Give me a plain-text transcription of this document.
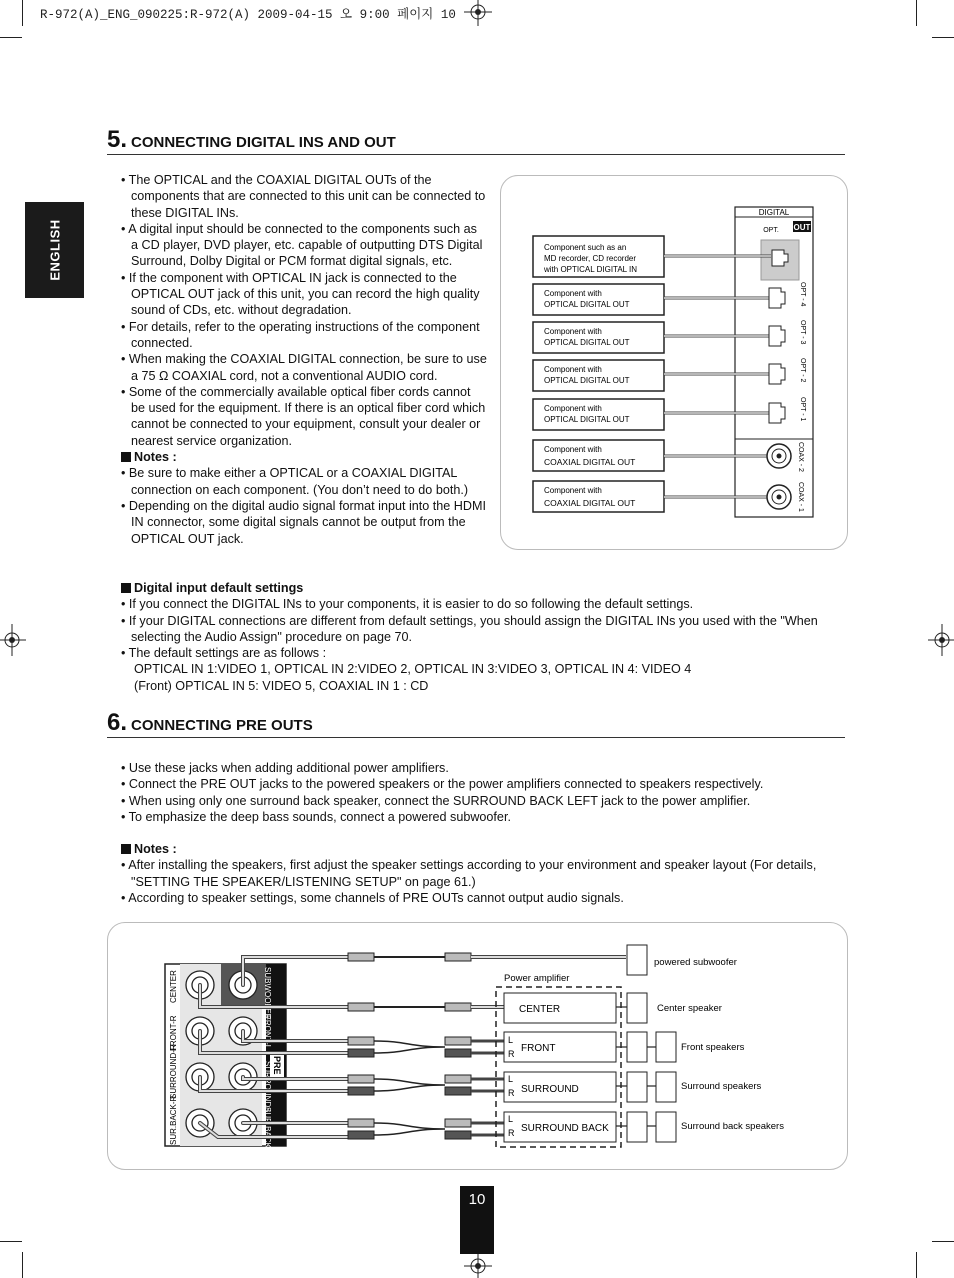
R-972(A)_ENG_090225:R-972(A) 2009-04-15 오 9:00 페이지 10
ENGLISH
5. CONNECTING DIGITAL INS AND OUT

• The OPTICAL and the COAXIAL DIGITAL OUTs of the components that are connected to this unit can be connected to these DIGITAL INs.

• A digital input should be connected to the components such as a CD player, DVD player, etc. capable of outputting DTS Digital Surround, Dolby Digital or PCM format digital signals, etc.

• If the component with OPTICAL IN jack is connected to the OPTICAL OUT jack of this unit, you can record the high quality sound of CDs, etc. without degradation.

• For details, refer to the operating instructions of the component connected.

• When making the COAXIAL DIGITAL connection, be sure to use a 75 Ω COAXIAL cord, not a conventional AUDIO cord.

• Some of the commercially available optical fiber cords cannot be used for the equipment. If there is an optical fiber cord which cannot be connected to your equipment, consult your dealer or nearest service organization.

Notes :

• Be sure to make either a OPTICAL or a COAXIAL DIGITAL connection on each component. (You don’t need to do both.)

• Depending on the digital audio signal format input into the HDMI IN connector, some digital signals cannot be output from the OPTICAL OUT jack.

DIGITAL
OPT. OUT
Component such as an
MD recorder, CD recorder
with OPTICAL DIGITAL IN
Component with
OPTICAL DIGITAL OUT	OPT - 4
Component with
OPTICAL DIGITAL OUT	OPT - 3
Component with
OPTICAL DIGITAL OUT	OPT - 2
Component with
OPTICAL DIGITAL OUT	OPT - 1
Component with
COAXIAL DIGITAL OUT	COAX - 2
Component with
COAXIAL DIGITAL OUT	COAX - 1

Digital input default settings

• If you connect the DIGITAL INs to your components, it is easier to do so following the default settings.

• If your DIGITAL connections are different from default settings, you should assign the DIGITAL INs you used with the "When selecting the Audio Assign" procedure on page 70.

• The default settings are as follows :

OPTICAL IN 1:VIDEO 1, OPTICAL IN 2:VIDEO 2, OPTICAL IN 3:VIDEO 3, OPTICAL IN 4: VIDEO 4

(Front) OPTICAL IN 5: VIDEO 5, COAXIAL IN 1 : CD

6. CONNECTING PRE OUTS

• Use these jacks when adding additional power amplifiers.

• Connect the PRE OUT jacks to the powered speakers or the power amplifiers connected to speakers respectively.

• When using only one surround back speaker, connect the SURROUND BACK LEFT jack to the power amplifier.

• To emphasize the deep bass sounds, connect a powered subwoofer.

Notes :

• After installing the speakers, first adjust the speaker settings according to your environment and speaker layout (For details, "SETTING THE SPEAKER/LISTENING SETUP" on page 61.)

• According to speaker settings, some channels of PRE OUTs cannot output audio signals.

PRE
CENTER
FRONT-R
SURROUND-R
SUR.BACK-R
SUBWOOFER
FRONT-L
SURROUND-L
SUR.BACK-L
Power amplifier
CENTER
FRONT
L
R
SURROUND
L
R
SURROUND BACK
L
R
powered subwoofer
Center speaker
Front speakers
Surround speakers
Surround back speakers
10
